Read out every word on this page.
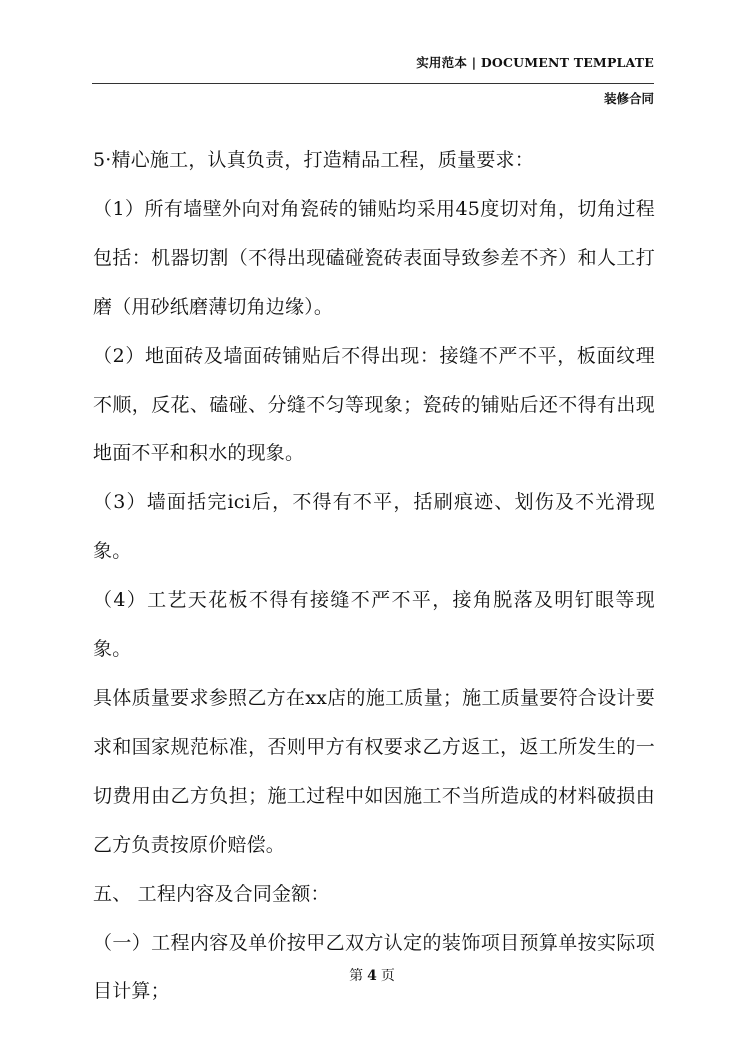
实用范本 | DOCUMENT TEMPLATE
装修合同

5·精心施工，认真负责，打造精品工程，质量要求：

（1）所有墙壁外向对角瓷砖的铺贴均采用45度切对角，切角过程包括：机器切割（不得出现磕碰瓷砖表面导致参差不齐）和人工打磨（用砂纸磨薄切角边缘）。

（2）地面砖及墙面砖铺贴后不得出现：接缝不严不平，板面纹理不顺，反花、磕碰、分缝不匀等现象；瓷砖的铺贴后还不得有出现地面不平和积水的现象。

（3）墙面括完ici后，不得有不平，括刷痕迹、划伤及不光滑现象。

（4）工艺天花板不得有接缝不严不平，接角脱落及明钉眼等现象。

具体质量要求参照乙方在xx店的施工质量；施工质量要符合设计要求和国家规范标准，否则甲方有权要求乙方返工，返工所发生的一切费用由乙方负担；施工过程中如因施工不当所造成的材料破损由乙方负责按原价赔偿。

五、 工程内容及合同金额：

（一）工程内容及单价按甲乙双方认定的装饰项目预算单按实际项目计算；

第 4 页
